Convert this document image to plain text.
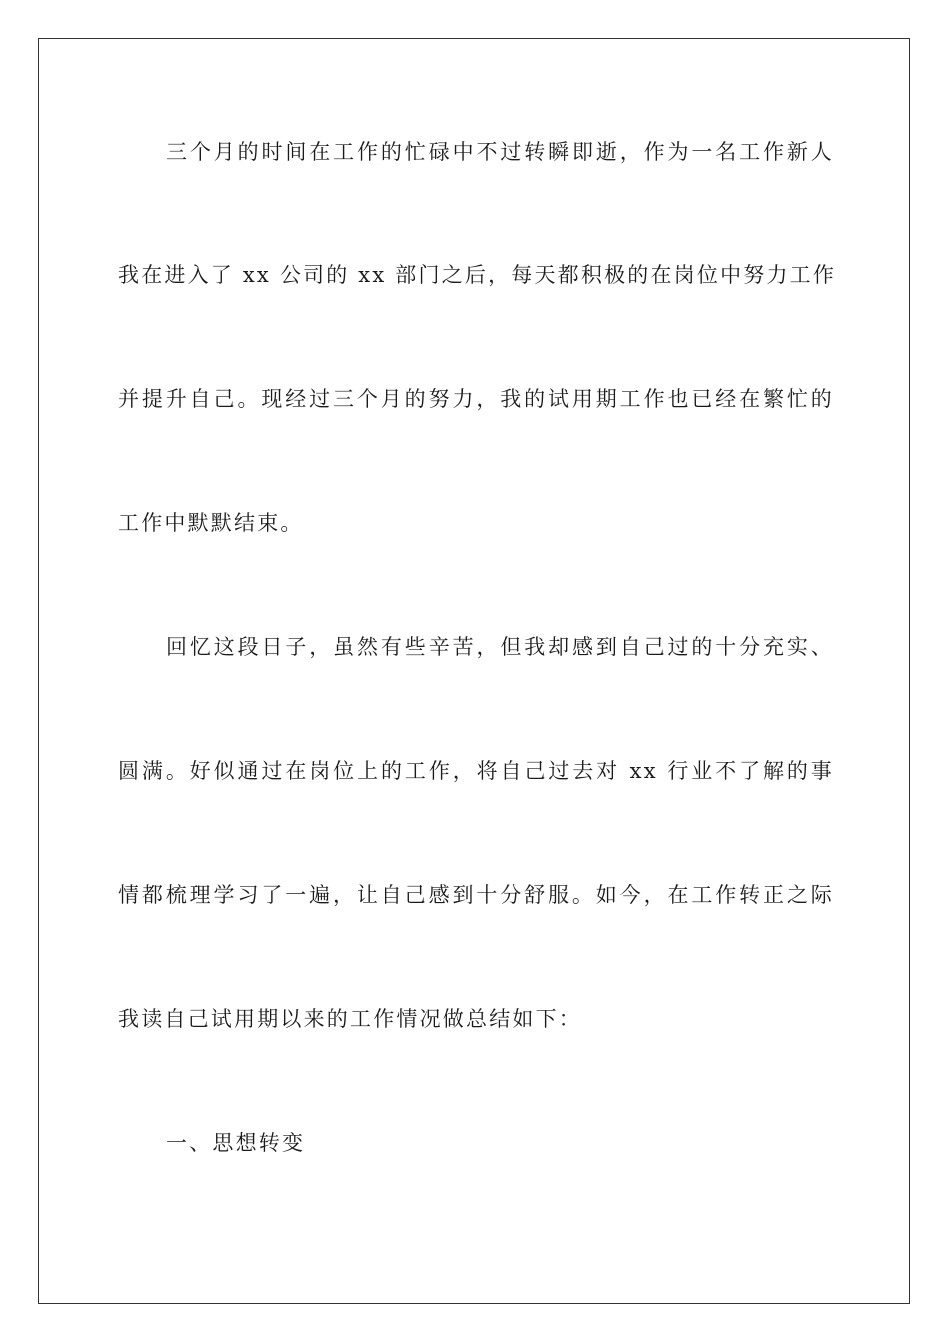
三个月的时间在工作的忙碌中不过转瞬即逝，作为一名工作新人
我在进入了 xx 公司的 xx 部门之后，每天都积极的在岗位中努力工作
并提升自己。现经过三个月的努力，我的试用期工作也已经在繁忙的
工作中默默结束。
回忆这段日子，虽然有些辛苦，但我却感到自己过的十分充实、
圆满。好似通过在岗位上的工作，将自己过去对 xx 行业不了解的事
情都梳理学习了一遍，让自己感到十分舒服。如今，在工作转正之际
我读自己试用期以来的工作情况做总结如下：
一、思想转变
